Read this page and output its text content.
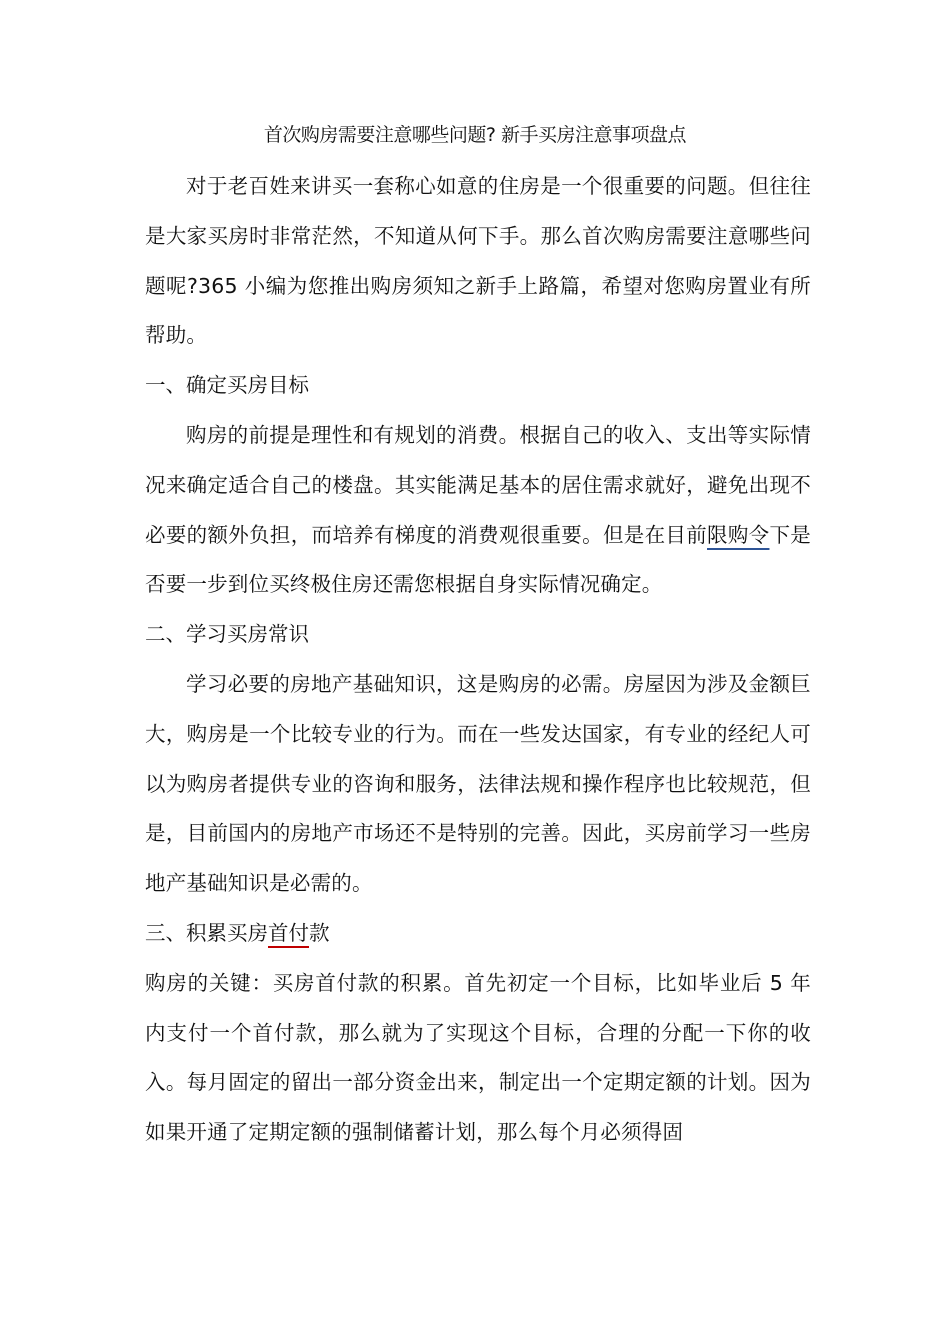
首次购房需要注意哪些问题? 新手买房注意事项盘点

对于老百姓来讲买一套称心如意的住房是一个很重要的问题。但往往是大家买房时非常茫然，不知道从何下手。那么首次购房需要注意哪些问题呢?365 小编为您推出购房须知之新手上路篇，希望对您购房置业有所帮助。

一、确定买房目标

购房的前提是理性和有规划的消费。根据自己的收入、支出等实际情况来确定适合自己的楼盘。其实能满足基本的居住需求就好，避免出现不必要的额外负担，而培养有梯度的消费观很重要。但是在目前限购令下是否要一步到位买终极住房还需您根据自身实际情况确定。

二、学习买房常识

学习必要的房地产基础知识，这是购房的必需。房屋因为涉及金额巨大，购房是一个比较专业的行为。而在一些发达国家，有专业的经纪人可以为购房者提供专业的咨询和服务，法律法规和操作程序也比较规范，但是，目前国内的房地产市场还不是特别的完善。因此，买房前学习一些房地产基础知识是必需的。

三、积累买房首付款

购房的关键：买房首付款的积累。首先初定一个目标，比如毕业后 5 年内支付一个首付款，那么就为了实现这个目标，合理的分配一下你的收入。每月固定的留出一部分资金出来，制定出一个定期定额的计划。因为如果开通了定期定额的强制储蓄计划，那么每个月必须得固
